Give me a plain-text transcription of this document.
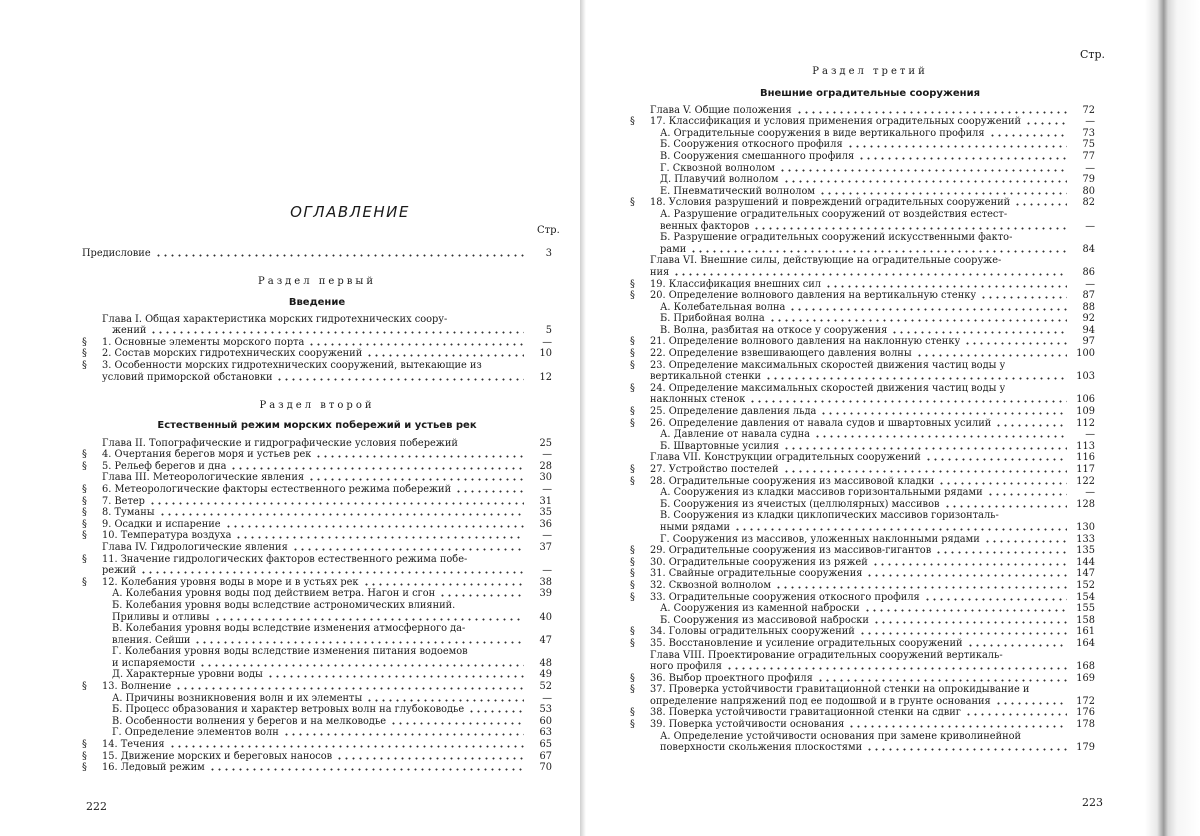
ОГЛАВЛЕНИЕ
Стр.
Предисловие	3
Раздел первый
Введение
Глава I. Общая характеристика морских гидротехнических соору-
жений	5
§	1. Основные элементы морского порта	—
§	2. Состав морских гидротехнических сооружений	10
§	3. Особенности морских гидротехнических сооружений, вытекающие из
условий приморской обстановки	12
Раздел второй
Естественный режим морских побережий и устьев рек
Глава II. Топографические и гидрографические условия побережий	25
§	4. Очертания берегов моря и устьев рек	—
§	5. Рельеф берегов и дна	28
Глава III. Метеорологические явления	30
§	6. Метеорологические факторы естественного режима побережий	—
§	7. Ветер	31
§	8. Туманы	35
§	9. Осадки и испарение	36
§	10. Температура воздуха	—
Глава IV. Гидрологические явления	37
§	11. Значение гидрологических факторов естественного режима побе-
режий	—
§	12. Колебания уровня воды в море и в устьях рек	38
А. Колебания уровня воды под действием ветра. Нагон и сгон	39
Б. Колебания уровня воды вследствие астрономических влияний.
Приливы и отливы	40
В. Колебания уровня воды вследствие изменения атмосферного да-
вления. Сейши	47
Г. Колебания уровня воды вследствие изменения питания водоемов
и испаряемости	48
Д. Характерные уровни воды	49
§	13. Волнение	52
А. Причины возникновения волн и их элементы	—
Б. Процесс образования и характер ветровых волн на глубоководье	53
В. Особенности волнения у берегов и на мелководье	60
Г. Определение элементов волн	63
§	14. Течения	65
§	15. Движение морских и береговых наносов	67
§	16. Ледовый режим	70
222
Стр.
Раздел третий
Внешние оградительные сооружения
Глава V. Общие положения	72
§	17. Классификация и условия применения оградительных сооружений	—
А. Оградительные сооружения в виде вертикального профиля	73
Б. Сооружения откосного профиля	75
В. Сооружения смешанного профиля	77
Г. Сквозной волнолом	—
Д. Плавучий волнолом	79
Е. Пневматический волнолом	80
§	18. Условия разрушений и повреждений оградительных сооружений	82
А. Разрушение оградительных сооружений от воздействия естест-
венных факторов	—
Б. Разрушение оградительных сооружений искусственными факто-
рами	84
Глава VI. Внешние силы, действующие на оградительные сооруже-
ния	86
§	19. Классификация внешних сил	—
§	20. Определение волнового давления на вертикальную стенку	87
А. Колебательная волна	88
Б. Прибойная волна	92
В. Волна, разбитая на откосе у сооружения	94
§	21. Определение волнового давления на наклонную стенку	97
§	22. Определение взвешивающего давления волны	100
§	23. Определение максимальных скоростей движения частиц воды у
вертикальной стенки	103
§	24. Определение максимальных скоростей движения частиц воды у
наклонных стенок	106
§	25. Определение давления льда	109
§	26. Определение давления от навала судов и швартовных усилий	112
А. Давление от навала судна	—
Б. Швартовные усилия	113
Глава VII. Конструкции оградительных сооружений	116
§	27. Устройство постелей	117
§	28. Оградительные сооружения из массивовой кладки	122
А. Сооружения из кладки массивов горизонтальными рядами	—
Б. Сооружения из ячеистых (целлюлярных) массивов	128
В. Сооружения из кладки циклопических массивов горизонталь-
ными рядами	130
Г. Сооружения из массивов, уложенных наклонными рядами	133
§	29. Оградительные сооружения из массивов-гигантов	135
§	30. Оградительные сооружения из ряжей	144
§	31. Свайные оградительные сооружения	147
§	32. Сквозной волнолом	152
§	33. Оградительные сооружения откосного профиля	154
А. Сооружения из каменной наброски	155
Б. Сооружения из массивовой наброски	158
§	34. Головы оградительных сооружений	161
§	35. Восстановление и усиление оградительных сооружений	164
Глава VIII. Проектирование оградительных сооружений вертикаль-
ного профиля	168
§	36. Выбор проектного профиля	169
§	37. Проверка устойчивости гравитационной стенки на опрокидывание и
определение напряжений под ее подошвой и в грунте основания	172
§	38. Поверка устойчивости гравитационной стенки на сдвиг	176
§	39. Поверка устойчивости основания	178
А. Определение устойчивости основания при замене криволинейной
поверхности скольжения плоскостями	179
223
